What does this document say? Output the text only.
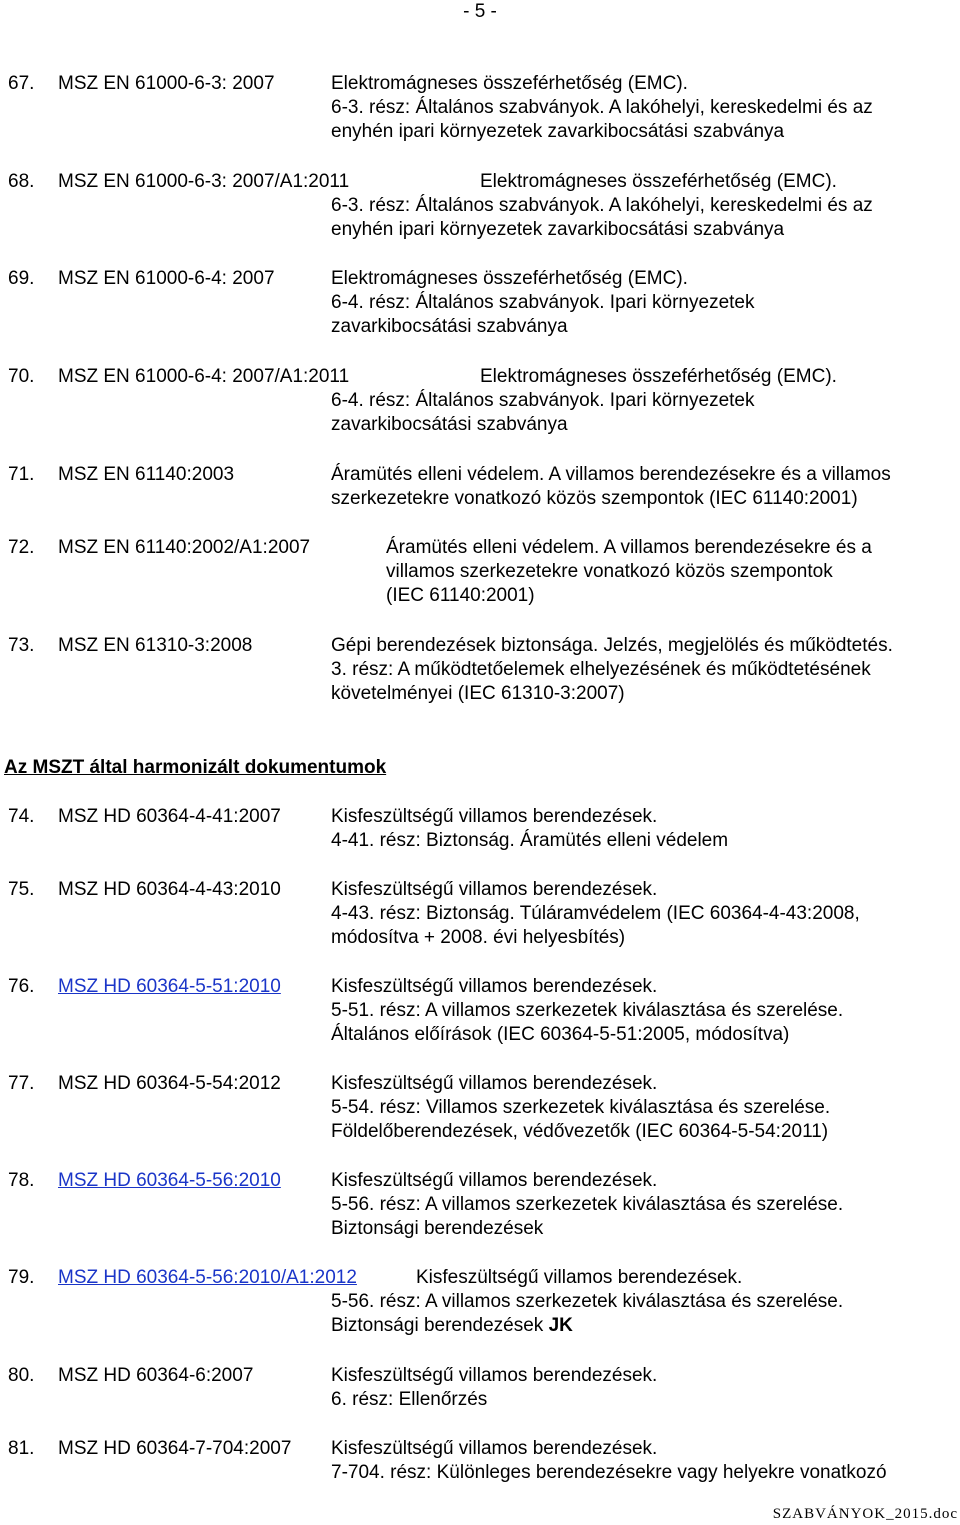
- 5 -
67. MSZ EN 61000-6-3: 2007	Elektromágneses összeférhetőség (EMC).
6-3. rész: Általános szabványok. A lakóhelyi, kereskedelmi és az
enyhén ipari környezetek zavarkibocsátási szabványa
68. MSZ EN 61000-6-3: 2007/A1:2011	Elektromágneses összeférhetőség (EMC).
6-3. rész: Általános szabványok. A lakóhelyi, kereskedelmi és az
enyhén ipari környezetek zavarkibocsátási szabványa
69. MSZ EN 61000-6-4: 2007	Elektromágneses összeférhetőség (EMC).
6-4. rész: Általános szabványok. Ipari környezetek
zavarkibocsátási szabványa
70. MSZ EN 61000-6-4: 2007/A1:2011	Elektromágneses összeférhetőség (EMC).
6-4. rész: Általános szabványok. Ipari környezetek
zavarkibocsátási szabványa
71. MSZ EN 61140:2003	Áramütés elleni védelem. A villamos berendezésekre és a villamos
szerkezetekre vonatkozó közös szempontok (IEC 61140:2001)
72. MSZ EN 61140:2002/A1:2007	Áramütés elleni védelem. A villamos berendezésekre és a
villamos szerkezetekre vonatkozó közös szempontok
(IEC 61140:2001)
73. MSZ EN 61310-3:2008	Gépi berendezések biztonsága. Jelzés, megjelölés és működtetés.
3. rész: A működtetőelemek elhelyezésének és működtetésének
követelményei (IEC 61310-3:2007)
Az MSZT által harmonizált dokumentumok
74. MSZ HD 60364-4-41:2007	Kisfeszültségű villamos berendezések.
4-41. rész: Biztonság. Áramütés elleni védelem
75. MSZ HD 60364-4-43:2010	Kisfeszültségű villamos berendezések.
4-43. rész: Biztonság. Túláramvédelem (IEC 60364-4-43:2008,
módosítva + 2008. évi helyesbítés)
76. MSZ HD 60364-5-51:2010	Kisfeszültségű villamos berendezések.
5-51. rész: A villamos szerkezetek kiválasztása és szerelése.
Általános előírások (IEC 60364-5-51:2005, módosítva)
77. MSZ HD 60364-5-54:2012	Kisfeszültségű villamos berendezések.
5-54. rész: Villamos szerkezetek kiválasztása és szerelése.
Földelőberendezések, védővezetők (IEC 60364-5-54:2011)
78. MSZ HD 60364-5-56:2010	Kisfeszültségű villamos berendezések.
5-56. rész: A villamos szerkezetek kiválasztása és szerelése.
Biztonsági berendezések
79. MSZ HD 60364-5-56:2010/A1:2012	Kisfeszültségű villamos berendezések.
5-56. rész: A villamos szerkezetek kiválasztása és szerelése.
Biztonsági berendezések JK
80. MSZ HD 60364-6:2007	Kisfeszültségű villamos berendezések.
6. rész: Ellenőrzés
81. MSZ HD 60364-7-704:2007 Kisfeszültségű villamos berendezések.
7-704. rész: Különleges berendezésekre vagy helyekre vonatkozó
SZABVÁNYOK_2015.doc
